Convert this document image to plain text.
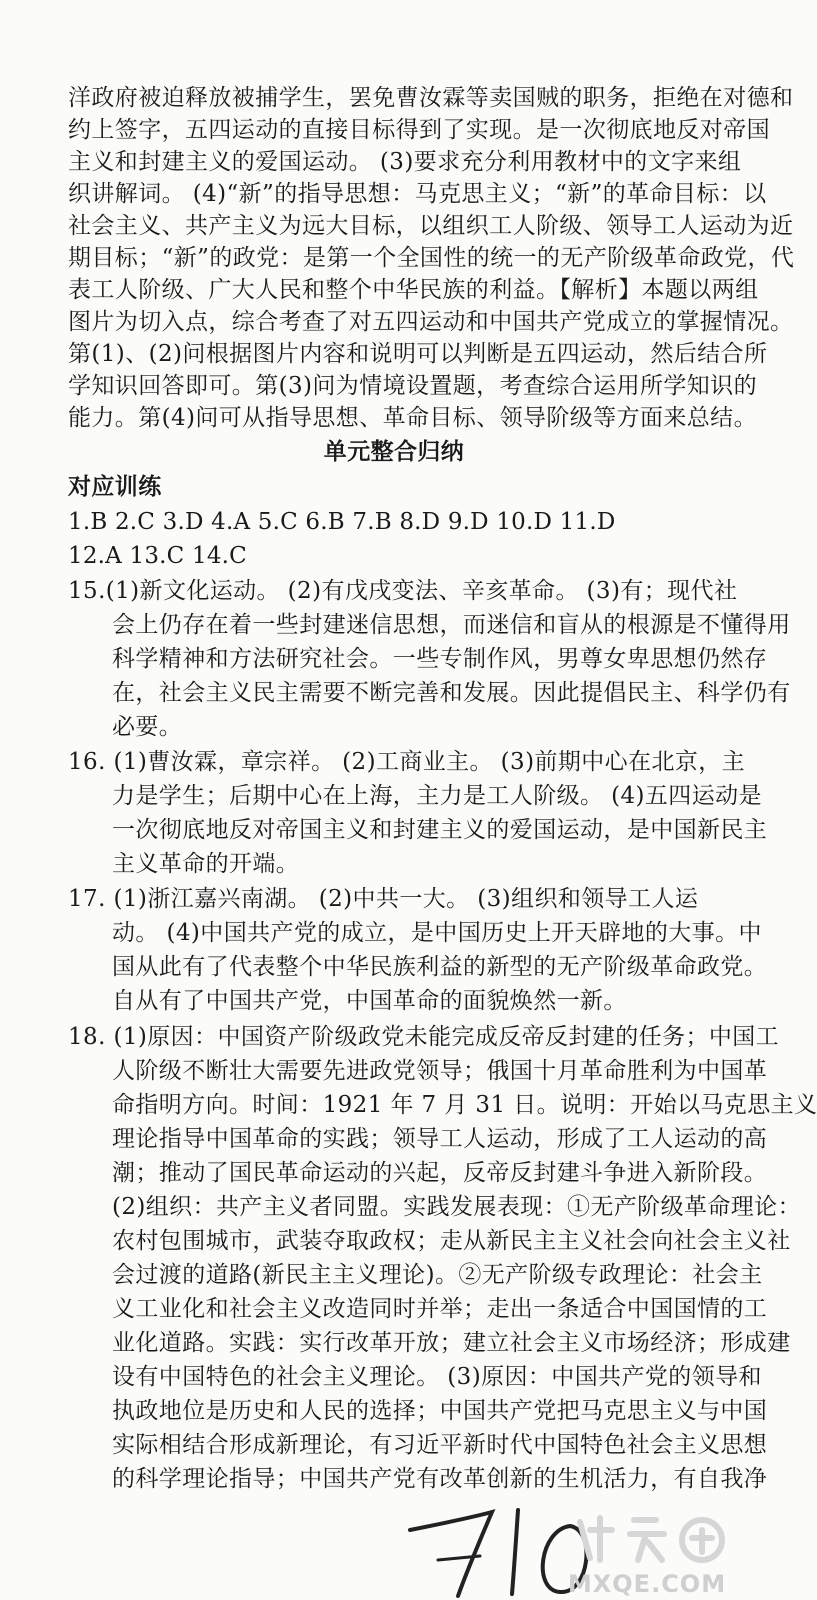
洋政府被迫释放被捕学生，罢免曹汝霖等卖国贼的职务，拒绝在对德和
约上签字，五四运动的直接目标得到了实现。是一次彻底地反对帝国
主义和封建主义的爱国运动。 (3)要求充分利用教材中的文字来组
织讲解词。 (4)“新”的指导思想：马克思主义；“新”的革命目标：以
社会主义、共产主义为远大目标，以组织工人阶级、领导工人运动为近
期目标；“新”的政党：是第一个全国性的统一的无产阶级革命政党，代
表工人阶级、广大人民和整个中华民族的利益。【解析】本题以两组
图片为切入点，综合考查了对五四运动和中国共产党成立的掌握情况。
第(1)、(2)问根据图片内容和说明可以判断是五四运动，然后结合所
学知识回答即可。第(3)问为情境设置题，考查综合运用所学知识的
能力。第(4)问可从指导思想、革命目标、领导阶级等方面来总结。
单元整合归纳
对应训练
1.B 2.C 3.D 4.A 5.C 6.B 7.B 8.D 9.D 10.D 11.D
12.A 13.C 14.C
15.(1)新文化运动。 (2)有戊戌变法、辛亥革命。 (3)有；现代社
会上仍存在着一些封建迷信思想，而迷信和盲从的根源是不懂得用
科学精神和方法研究社会。一些专制作风，男尊女卑思想仍然存
在，社会主义民主需要不断完善和发展。因此提倡民主、科学仍有
必要。
16. (1)曹汝霖，章宗祥。 (2)工商业主。 (3)前期中心在北京，主
力是学生；后期中心在上海，主力是工人阶级。 (4)五四运动是
一次彻底地反对帝国主义和封建主义的爱国运动，是中国新民主
主义革命的开端。
17. (1)浙江嘉兴南湖。 (2)中共一大。 (3)组织和领导工人运
动。 (4)中国共产党的成立，是中国历史上开天辟地的大事。中
国从此有了代表整个中华民族利益的新型的无产阶级革命政党。
自从有了中国共产党，中国革命的面貌焕然一新。
18. (1)原因：中国资产阶级政党未能完成反帝反封建的任务；中国工
人阶级不断壮大需要先进政党领导；俄国十月革命胜利为中国革
命指明方向。时间：1921 年 7 月 31 日。说明：开始以马克思主义
理论指导中国革命的实践；领导工人运动，形成了工人运动的高
潮；推动了国民革命运动的兴起，反帝反封建斗争进入新阶段。
(2)组织：共产主义者同盟。实践发展表现：①无产阶级革命理论：
农村包围城市，武装夺取政权；走从新民主主义社会向社会主义社
会过渡的道路(新民主主义理论)。②无产阶级专政理论：社会主
义工业化和社会主义改造同时并举；走出一条适合中国国情的工
业化道路。实践：实行改革开放；建立社会主义市场经济；形成建
设有中国特色的社会主义理论。 (3)原因：中国共产党的领导和
执政地位是历史和人民的选择；中国共产党把马克思主义与中国
实际相结合形成新理论，有习近平新时代中国特色社会主义思想
的科学理论指导；中国共产党有改革创新的生机活力，有自我净
MXQE.COM
